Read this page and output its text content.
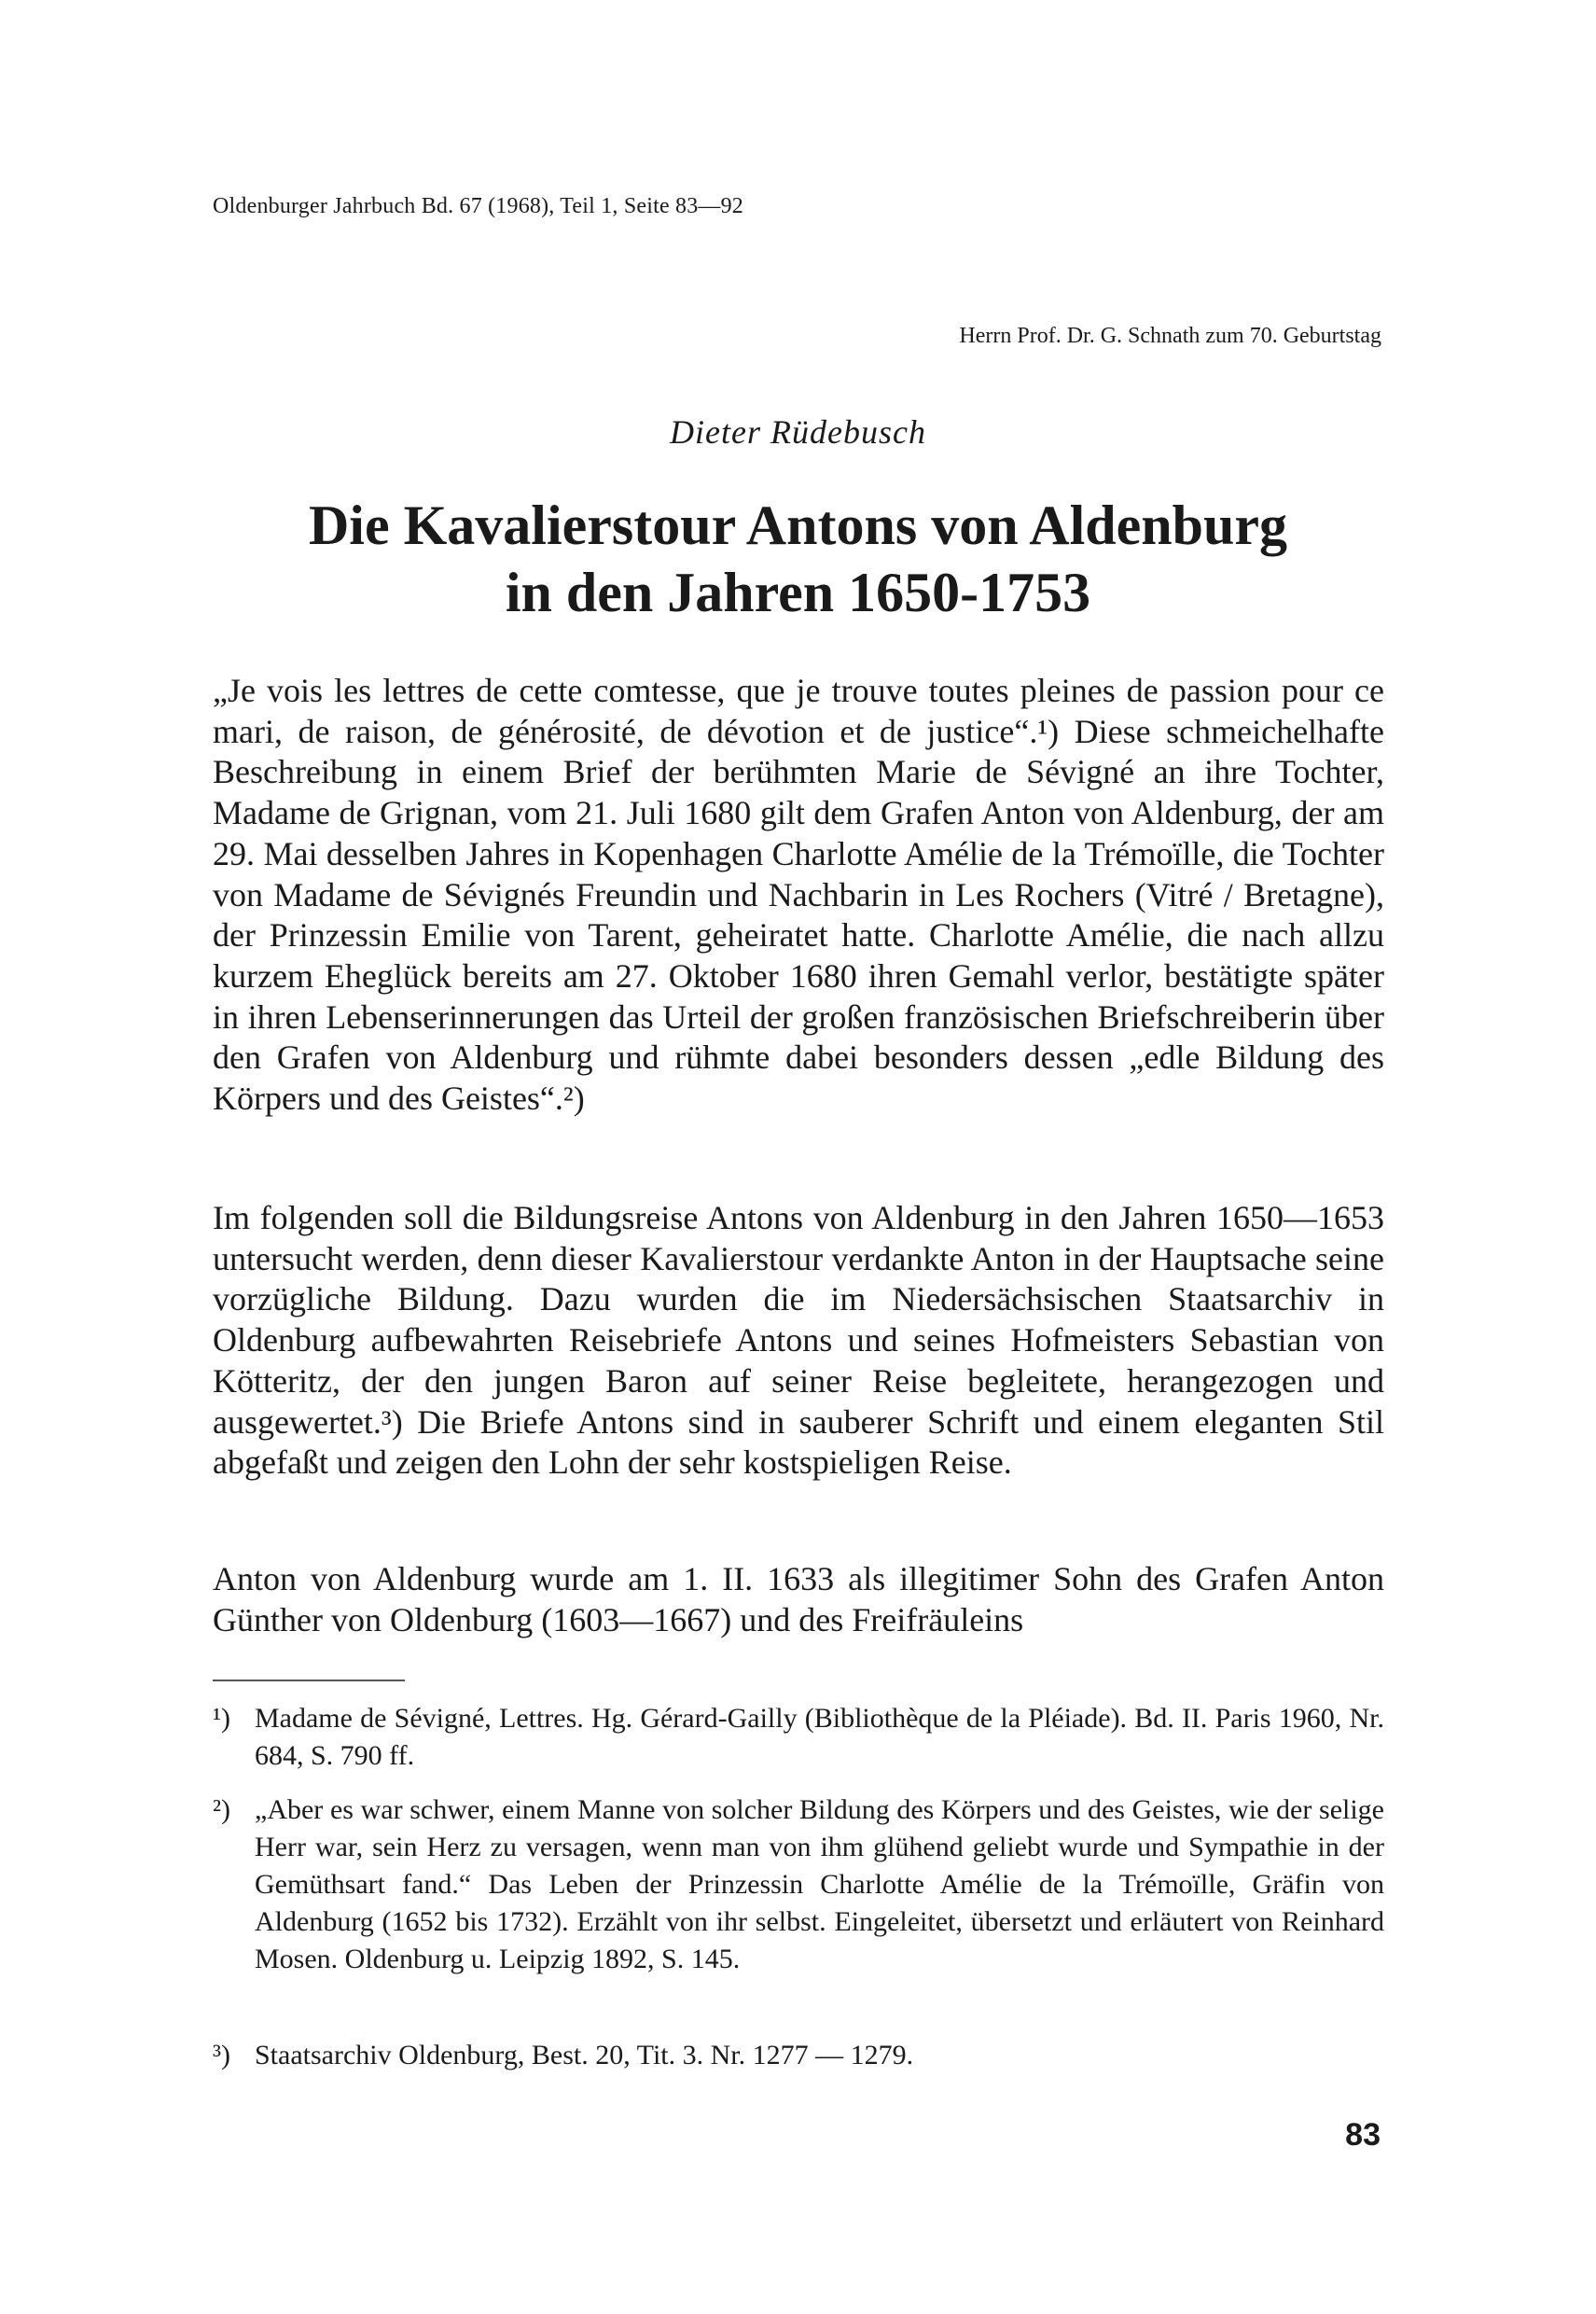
Oldenburger Jahrbuch Bd. 67 (1968), Teil 1, Seite 83—92
Herrn Prof. Dr. G. Schnath zum 70. Geburtstag
Dieter Rüdebusch
Die Kavalierstour Antons von Aldenburg
in den Jahren 1650-1753
„Je vois les lettres de cette comtesse, que je trouve toutes pleines de passion pour ce mari, de raison, de générosité, de dévotion et de justice“.¹) Diese schmeichelhafte Beschreibung in einem Brief der berühmten Marie de Sévigné an ihre Tochter, Madame de Grignan, vom 21. Juli 1680 gilt dem Grafen Anton von Aldenburg, der am 29. Mai desselben Jahres in Kopenhagen Charlotte Amélie de la Trémoïlle, die Tochter von Madame de Sévignés Freundin und Nachbarin in Les Rochers (Vitré / Bretagne), der Prinzessin Emilie von Tarent, geheiratet hatte. Charlotte Amélie, die nach allzu kurzem Eheglück bereits am 27. Oktober 1680 ihren Gemahl verlor, bestätigte später in ihren Lebenserinnerungen das Urteil der großen französischen Briefschreiberin über den Grafen von Aldenburg und rühmte dabei besonders dessen „edle Bildung des Körpers und des Geistes“.²)
Im folgenden soll die Bildungsreise Antons von Aldenburg in den Jahren 1650—1653 untersucht werden, denn dieser Kavalierstour verdankte Anton in der Hauptsache seine vorzügliche Bildung. Dazu wurden die im Niedersächsischen Staatsarchiv in Oldenburg aufbewahrten Reisebriefe Antons und seines Hofmeisters Sebastian von Kötteritz, der den jungen Baron auf seiner Reise begleitete, herangezogen und ausgewertet.³) Die Briefe Antons sind in sauberer Schrift und einem eleganten Stil abgefaßt und zeigen den Lohn der sehr kostspieligen Reise.
Anton von Aldenburg wurde am 1. II. 1633 als illegitimer Sohn des Grafen Anton Günther von Oldenburg (1603—1667) und des Freifräuleins
¹) Madame de Sévigné, Lettres. Hg. Gérard-Gailly (Bibliothèque de la Pléiade). Bd. II. Paris 1960, Nr. 684, S. 790 ff.
²) „Aber es war schwer, einem Manne von solcher Bildung des Körpers und des Geistes, wie der selige Herr war, sein Herz zu versagen, wenn man von ihm glühend geliebt wurde und Sympathie in der Gemüthsart fand.“ Das Leben der Prinzessin Charlotte Amélie de la Trémoïlle, Gräfin von Aldenburg (1652 bis 1732). Erzählt von ihr selbst. Eingeleitet, übersetzt und erläutert von Reinhard Mosen. Oldenburg u. Leipzig 1892, S. 145.
³) Staatsarchiv Oldenburg, Best. 20, Tit. 3. Nr. 1277 — 1279.
83
